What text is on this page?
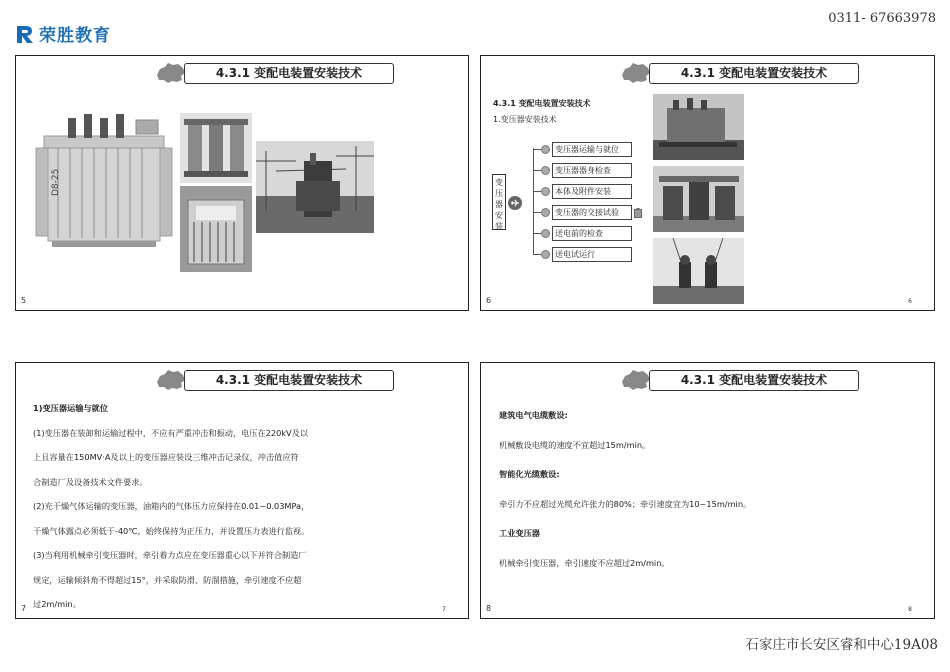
荣胜教育
0311- 67663978
4.3.1 变配电装置安装技术
D8-25
5
4.3.1 变配电装置安装技术
4.3.1 变配电装置安装技术
1.变压器安装技术
变压器安装
变压器运输与就位
变压器器身检查
本体及附件安装
变压器的交接试验
送电前的检查
送电试运行
6	6
4.3.1 变配电装置安装技术
1)变压器运输与就位
(1)变压器在装卸和运输过程中，不应有严重冲击和振动，电压在220kV及以
上且容量在150MV·A及以上的变压器应装设三维冲击记录仪，冲击值应符
合制造厂及设备技术文件要求。
(2)充干燥气体运输的变压器，油箱内的气体压力应保持在0.01~0.03MPa，
干燥气体露点必须低于-40℃，始终保持为正压力，并设置压力表进行监视。
(3)当利用机械牵引变压器时，牵引着力点应在变压器重心以下并符合制造厂
规定，运输倾斜角不得超过15°，并采取防滑、防溜措施，牵引速度不应超
过2m/min。
7	7
4.3.1 变配电装置安装技术
建筑电气电缆敷设:
机械敷设电缆的速度不宜超过15m/min。
智能化光缆敷设:
牵引力不应超过光缆允许张力的80%；牵引速度宜为10~15m/min。
工业变压器
机械牵引变压器，牵引速度不应超过2m/min。
8	8
石家庄市长安区睿和中心19A08
